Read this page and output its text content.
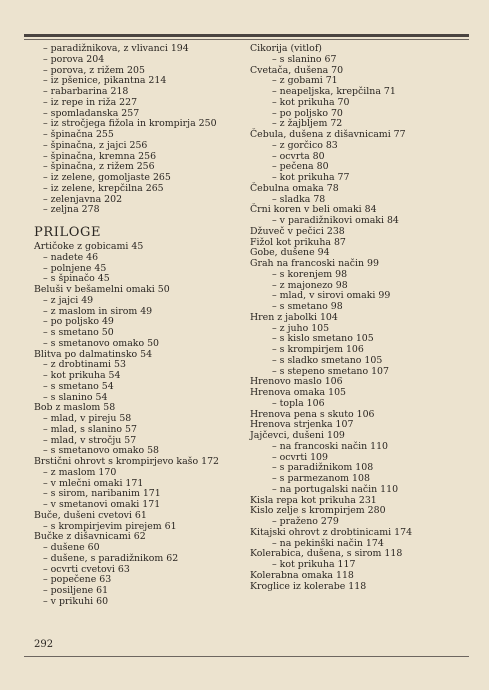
– paradižnikova, z vlivanci 194
– porova 204
– porova, z rižem 205
– iz pšenice, pikantna 214
– rabarbarina 218
– iz repe in riža 227
– spomladanska 257
– iz stročjega fižola in krompirja 250
– špinačna 255
– špinačna, z jajci 256
– špinačna, kremna 256
– špinačna, z rižem 256
– iz zelene, gomoljaste 265
– iz zelene, krepčilna 265
– zelenjavna 202
– zeljna 278
PRILOGE
Artičoke z gobicami 45
– nadete 46
– polnjene 45
– s špinačo 45
Beluši v bešamelni omaki 50
– z jajci 49
– z maslom in sirom 49
– po poljsko 49
– s smetano 50
– s smetanovo omako 50
Blitva po dalmatinsko 54
– z drobtinami 53
– kot prikuha 54
– s smetano 54
– s slanino 54
Bob z maslom 58
– mlad, v pireju 58
– mlad, s slanino 57
– mlad, v stročju 57
– s smetanovo omako 58
Brstični ohrovt s krompirjevo kašo 172
– z maslom 170
– v mlečni omaki 171
– s sirom, naribanim 171
– v smetanovi omaki 171
Buče, dušeni cvetovi 61
– s krompirjevim pirejem 61
Bučke z dišavnicami 62
– dušene 60
– dušene, s paradižnikom 62
– ocvrti cvetovi 63
– popečene 63
– posiljene 61
– v prikuhi 60
Cikorija (vitlof)
– s slanino 67
Cvetača, dušena 70
– z gobami 71
– neapeljska, krepčilna 71
– kot prikuha 70
– po poljsko 70
– z žajbljem 72
Čebula, dušena z dišavnicami 77
– z gorčico 83
– ocvrta 80
– pečena 80
– kot prikuha 77
Čebulna omaka 78
– sladka 78
Črni koren v beli omaki 84
– v paradižnikovi omaki 84
Džuveč v pečici 238
Fižol kot prikuha 87
Gobe, dušene 94
Grah na francoski način 99
– s korenjem 98
– z majonezo 98
– mlad, v sirovi omaki 99
– s smetano 98
Hren z jabolki 104
– z juho 105
– s kislo smetano 105
– s krompirjem 106
– s sladko smetano 105
– s stepeno smetano 107
Hrenovo maslo 106
Hrenova omaka 105
– topla 106
Hrenova pena s skuto 106
Hrenova strjenka 107
Jajčevci, dušeni 109
– na francoski način 110
– ocvrti 109
– s paradižnikom 108
– s parmezanom 108
– na portugalski način 110
Kisla repa kot prikuha 231
Kislo zelje s krompirjem 280
– praženo 279
Kitajski ohrovt z drobtinicami 174
– na pekinški način 174
Kolerabica, dušena, s sirom 118
– kot prikuha 117
Kolerabna omaka 118
Kroglice iz kolerabe 118
292
